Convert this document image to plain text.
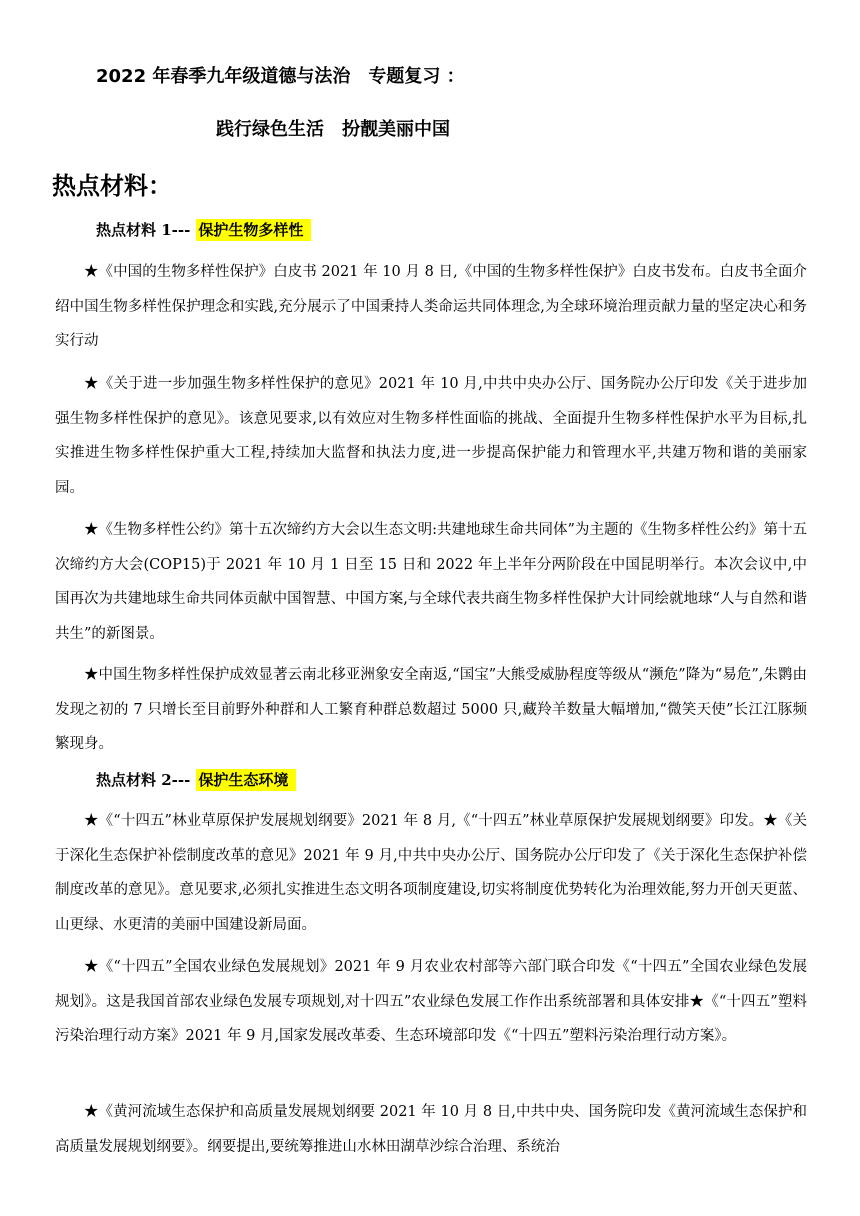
2022 年春季九年级道德与法治　专题复习 ：
践行绿色生活　扮靓美丽中国
热点材料：
热点材料 1--- 保护生物多样性

★《中国的生物多样性保护》白皮书 2021 年 10 月 8 日,《中国的生物多样性保护》白皮书发布。白皮书全面介绍中国生物多样性保护理念和实践,充分展示了中国秉持人类命运共同体理念,为全球环境治理贡献力量的坚定决心和务实行动

★《关于进一步加强生物多样性保护的意见》2021 年 10 月,中共中央办公厅、国务院办公厅印发《关于进步加强生物多样性保护的意见》。该意见要求,以有效应对生物多样性面临的挑战、全面提升生物多样性保护水平为目标,扎实推进生物多样性保护重大工程,持续加大监督和执法力度,进一步提高保护能力和管理水平,共建万物和谐的美丽家园。

★《生物多样性公约》第十五次缔约方大会以生态文明:共建地球生命共同体”为主题的《生物多样性公约》第十五次缔约方大会(COP15)于 2021 年 10 月 1 日至 15 日和 2022 年上半年分两阶段在中国昆明举行。本次会议中,中国再次为共建地球生命共同体贡献中国智慧、中国方案,与全球代表共商生物多样性保护大计同绘就地球“人与自然和谐共生”的新图景。

★中国生物多样性保护成效显著云南北移亚洲象安全南返,“国宝”大熊受威胁程度等级从“濒危”降为“易危”,朱鹮由发现之初的 7 只增长至目前野外种群和人工繁育种群总数超过 5000 只,藏羚羊数量大幅增加,“微笑天使”长江江豚频繁现身。

热点材料 2--- 保护生态环境

★《“十四五”林业草原保护发展规划纲要》2021 年 8 月,《“十四五”林业草原保护发展规划纲要》印发。★《关于深化生态保护补偿制度改革的意见》2021 年 9 月,中共中央办公厅、国务院办公厅印发了《关于深化生态保护补偿制度改革的意见》。意见要求,必须扎实推进生态文明各项制度建设,切实将制度优势转化为治理效能,努力开创天更蓝、山更绿、水更清的美丽中国建设新局面。

★《“十四五”全国农业绿色发展规划》2021 年 9 月农业农村部等六部门联合印发《“十四五”全国农业绿色发展规划》。这是我国首部农业绿色发展专项规划,对十四五”农业绿色发展工作作出系统部署和具体安排★《“十四五”塑料污染治理行动方案》2021 年 9 月,国家发展改革委、生态环境部印发《“十四五”塑料污染治理行动方案》。

★《黄河流域生态保护和高质量发展规划纲要 2021 年 10 月 8 日,中共中央、国务院印发《黄河流域生态保护和高质量发展规划纲要》。纲要提出,要统筹推进山水林田湖草沙综合治理、系统治
